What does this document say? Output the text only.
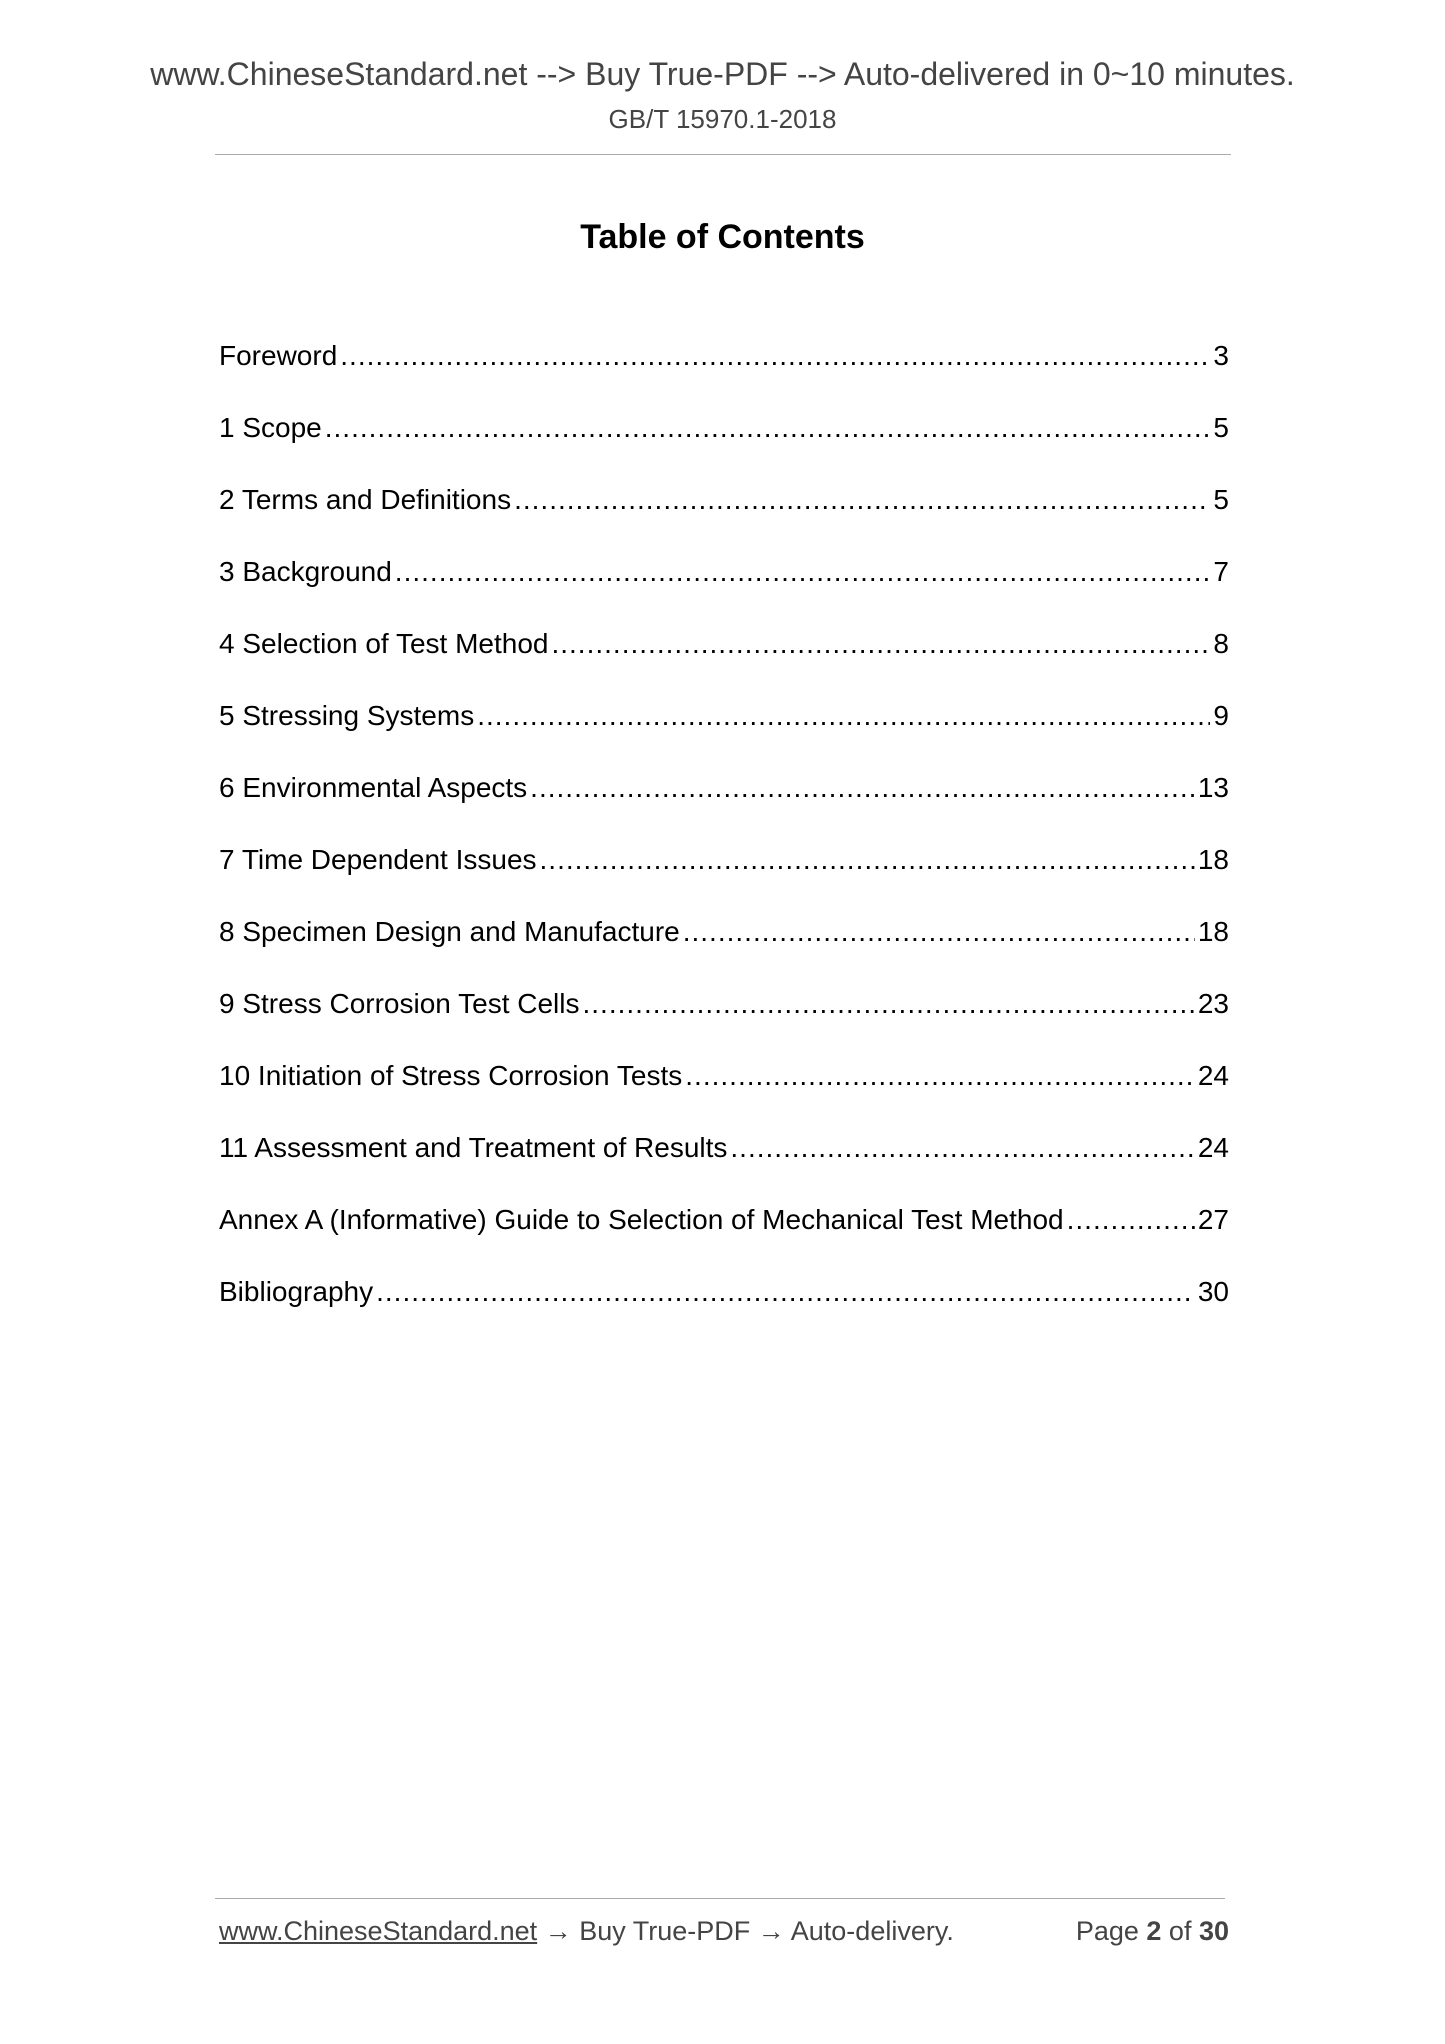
www.ChineseStandard.net --> Buy True-PDF --> Auto-delivered in 0~10 minutes.
GB/T 15970.1-2018
Table of Contents
Foreword .....	3
1 Scope .....	5
2 Terms and Definitions .....	5
3 Background .....	7
4 Selection of Test Method .....	8
5 Stressing Systems .....	9
6 Environmental Aspects .....	13
7 Time Dependent Issues .....	18
8 Specimen Design and Manufacture .....	18
9 Stress Corrosion Test Cells .....	23
10 Initiation of Stress Corrosion Tests .....	24
11 Assessment and Treatment of Results .....	24
Annex A (Informative) Guide to Selection of Mechanical Test Method .....	27
Bibliography .....	30
www.ChineseStandard.net → Buy True-PDF → Auto-delivery.	Page 2 of 30
